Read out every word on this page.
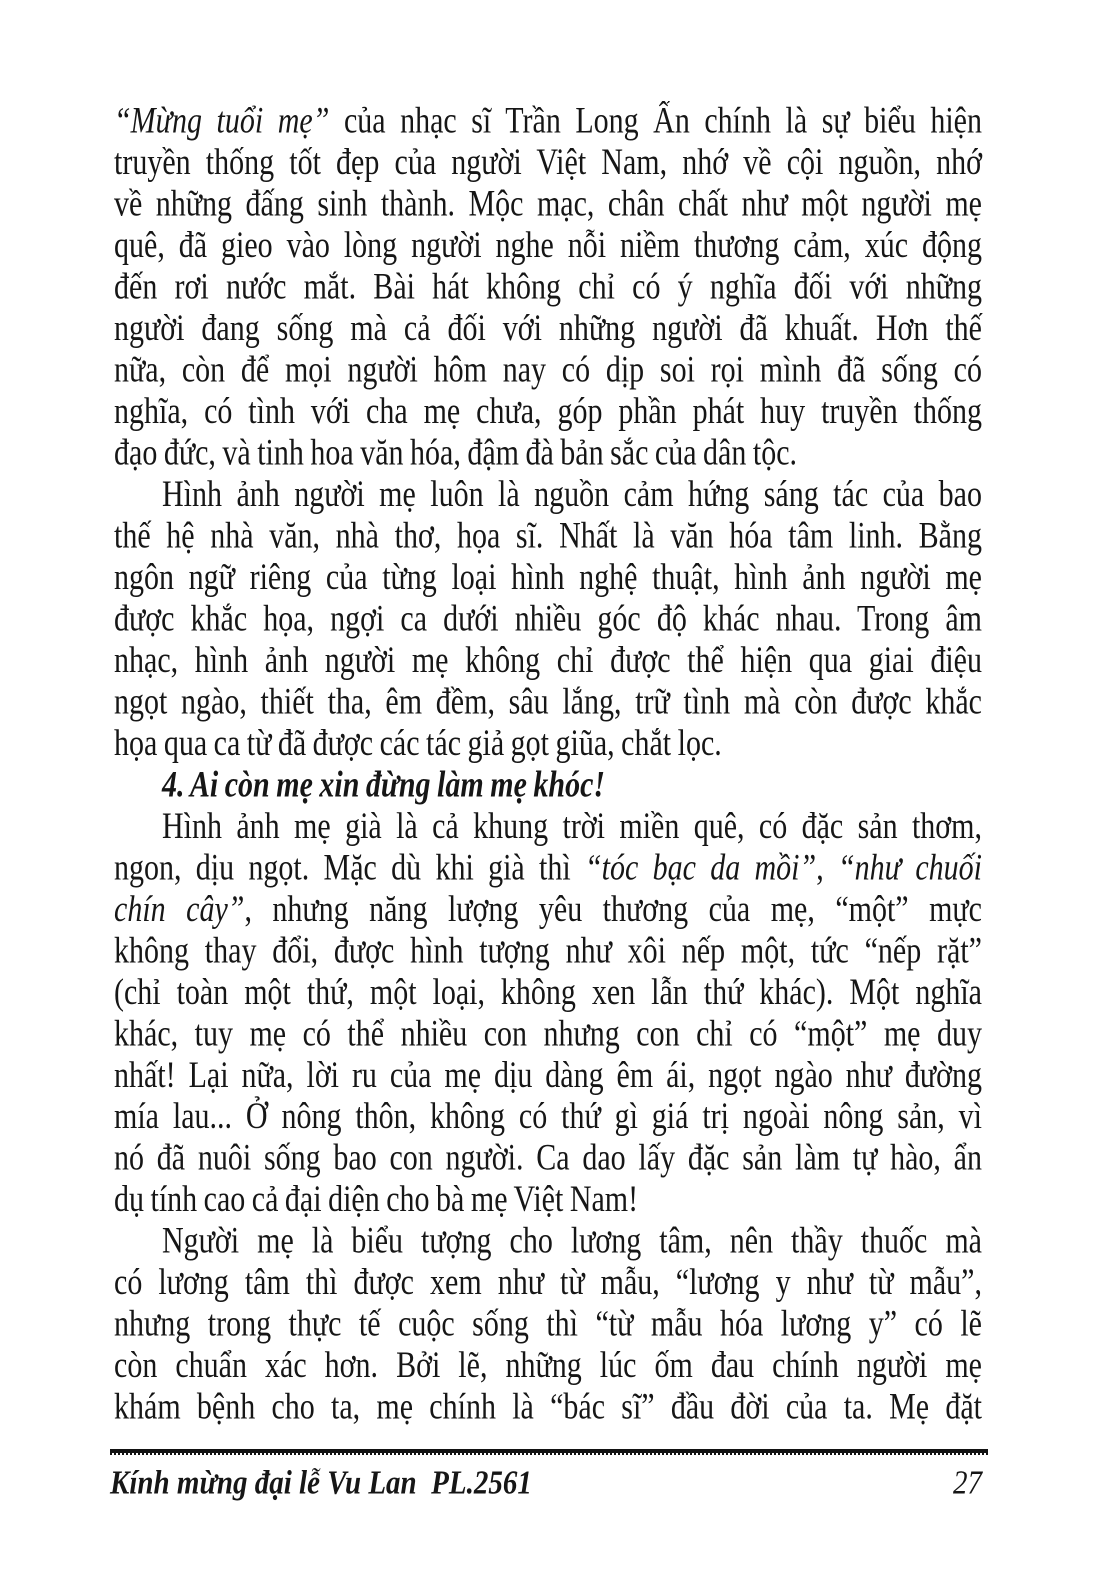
“Mừng tuổi mẹ” của nhạc sĩ Trần Long Ẩn chính là sự biểu hiện
truyền thống tốt đẹp của người Việt Nam, nhớ về cội nguồn, nhớ
về những đấng sinh thành. Mộc mạc, chân chất như một người mẹ
quê, đã gieo vào lòng người nghe nỗi niềm thương cảm, xúc động
đến rơi nước mắt. Bài hát không chỉ có ý nghĩa đối với những
người đang sống mà cả đối với những người đã khuất. Hơn thế
nữa, còn để mọi người hôm nay có dịp soi rọi mình đã sống có
nghĩa, có tình với cha mẹ chưa, góp phần phát huy truyền thống
đạo đức, và tinh hoa văn hóa, đậm đà bản sắc của dân tộc.
Hình ảnh người mẹ luôn là nguồn cảm hứng sáng tác của bao
thế hệ nhà văn, nhà thơ, họa sĩ. Nhất là văn hóa tâm linh. Bằng
ngôn ngữ riêng của từng loại hình nghệ thuật, hình ảnh người mẹ
được khắc họa, ngợi ca dưới nhiều góc độ khác nhau. Trong âm
nhạc, hình ảnh người mẹ không chỉ được thể hiện qua giai điệu
ngọt ngào, thiết tha, êm đềm, sâu lắng, trữ tình mà còn được khắc
họa qua ca từ đã được các tác giả gọt giũa, chắt lọc.
4. Ai còn mẹ xin đừng làm mẹ khóc!
Hình ảnh mẹ già là cả khung trời miền quê, có đặc sản thơm,
ngon, dịu ngọt. Mặc dù khi già thì “tóc bạc da mồi”, “như chuối
chín cây”, nhưng năng lượng yêu thương của mẹ, “một” mực
không thay đổi, được hình tượng như xôi nếp một, tức “nếp rặt”
(chỉ toàn một thứ, một loại, không xen lẫn thứ khác). Một nghĩa
khác, tuy mẹ có thể nhiều con nhưng con chỉ có “một” mẹ duy
nhất! Lại nữa, lời ru của mẹ dịu dàng êm ái, ngọt ngào như đường
mía lau... Ở nông thôn, không có thứ gì giá trị ngoài nông sản, vì
nó đã nuôi sống bao con người. Ca dao lấy đặc sản làm tự hào, ẩn
dụ tính cao cả đại diện cho bà mẹ Việt Nam!
Người mẹ là biểu tượng cho lương tâm, nên thầy thuốc mà
có lương tâm thì được xem như từ mẫu, “lương y như từ mẫu”,
nhưng trong thực tế cuộc sống thì “từ mẫu hóa lương y” có lẽ
còn chuẩn xác hơn. Bởi lẽ, những lúc ốm đau chính người mẹ
khám bệnh cho ta, mẹ chính là “bác sĩ” đầu đời của ta. Mẹ đặt
Kính mừng đại lễ Vu Lan  PL.2561	27
